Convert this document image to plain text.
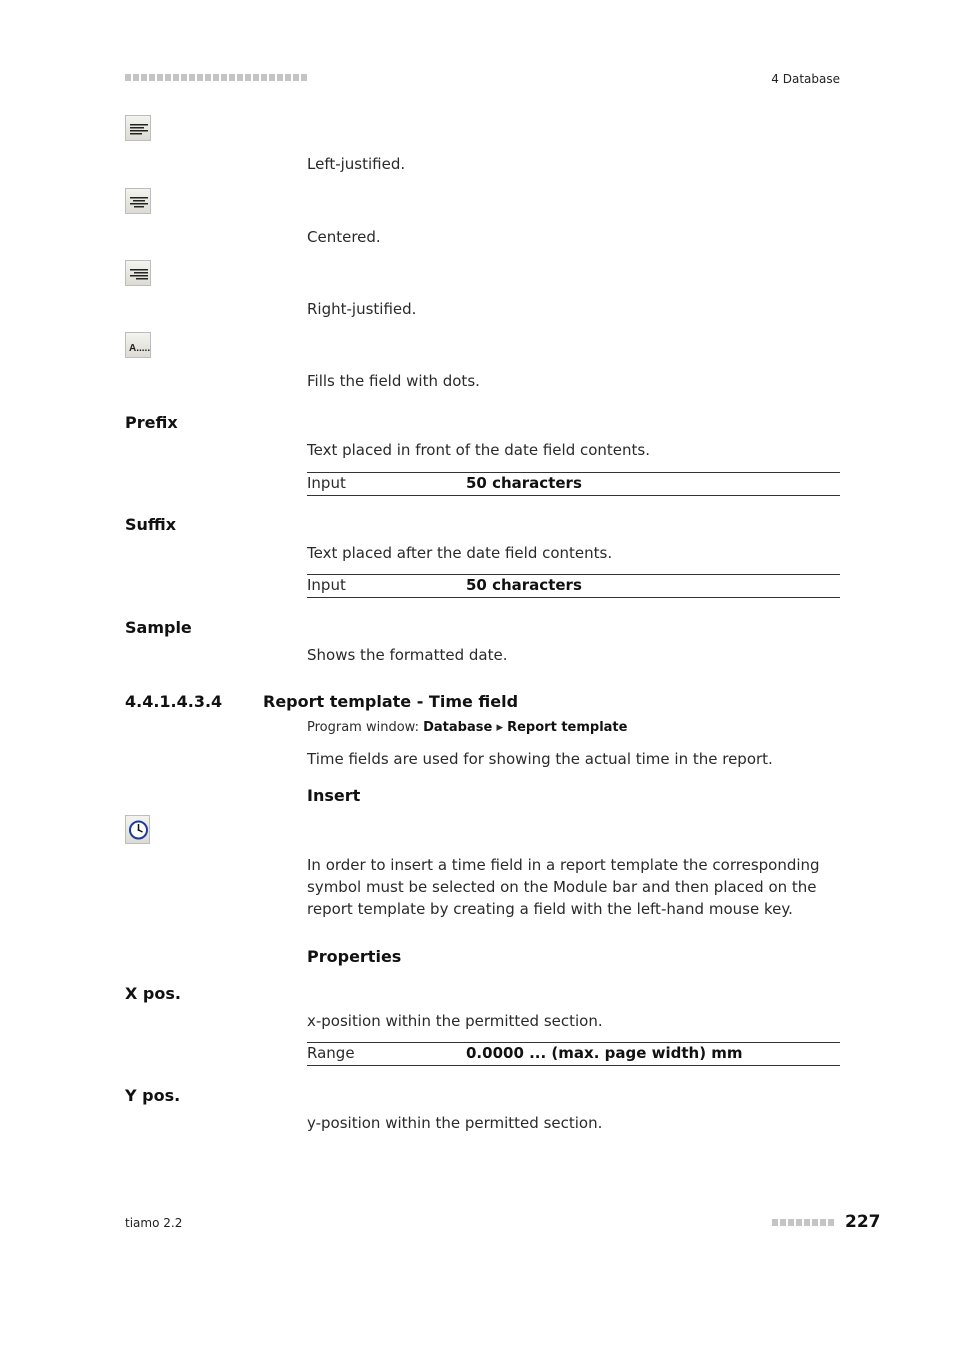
4 Database
Left-justified.
Centered.
Right-justified.
A.....
Fills the field with dots.
Prefix
Text placed in front of the date field contents.
Input	50 characters
Suffix
Text placed after the date field contents.
Input	50 characters
Sample
Shows the formatted date.
4.4.1.4.3.4	Report template - Time field
Program window: Database ▸ Report template
Time fields are used for showing the actual time in the report.
Insert
In order to insert a time field in a report template the corresponding symbol must be selected on the Module bar and then placed on the report template by creating a field with the left-hand mouse key.
Properties
X pos.
x-position within the permitted section.
Range	0.0000 ... (max. page width) mm
Y pos.
y-position within the permitted section.
tiamo 2.2	227
